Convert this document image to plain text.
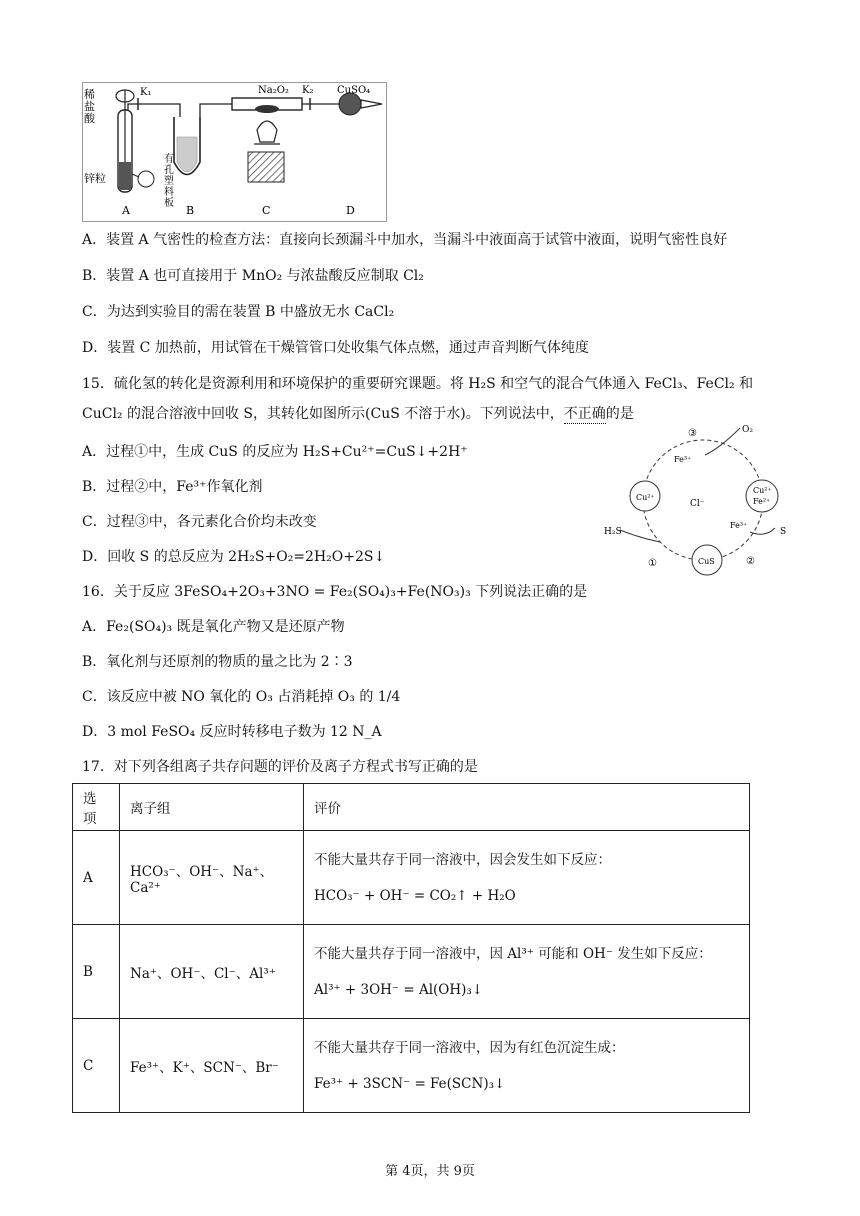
稀盐酸
K₁	Na₂O₂ K₂ CuSO₄
锌粒
有孔塑料板
A	B	C	D
A．装置 A 气密性的检查方法：直接向长颈漏斗中加水，当漏斗中液面高于试管中液面，说明气密性良好
B．装置 A 也可直接用于 MnO₂ 与浓盐酸反应制取 Cl₂
C．为达到实验目的需在装置 B 中盛放无水 CaCl₂
D．装置 C 加热前，用试管在干燥管管口处收集气体点燃，通过声音判断气体纯度
15．硫化氢的转化是资源利用和环境保护的重要研究课题。将 H₂S 和空气的混合气体通入 FeCl₃、FeCl₂ 和
CuCl₂ 的混合溶液中回收 S，其转化如图所示(CuS 不溶于水)。下列说法中，不正确的是
A．过程①中，生成 CuS 的反应为 H₂S+Cu²⁺=CuS↓+2H⁺
B．过程②中，Fe³⁺作氧化剂
C．过程③中，各元素化合价均未改变
D．回收 S 的总反应为 2H₂S+O₂=2H₂O+2S↓
O₂
③
Fe³⁺
Cu²⁺
Cl⁻
Cu²⁺
Fe²⁺
Fe³⁺
H₂S	S
①	CuS	②
16．关于反应 3FeSO₄+2O₃+3NO = Fe₂(SO₄)₃+Fe(NO₃)₃ 下列说法正确的是
A．Fe₂(SO₄)₃ 既是氧化产物又是还原产物
B．氧化剂与还原剂的物质的量之比为 2∶3
C．该反应中被 NO 氧化的 O₃ 占消耗掉 O₃ 的 1/4
D．3 mol FeSO₄ 反应时转移电子数为 12 N_A
17．对下列各组离子共存问题的评价及离子方程式书写正确的是
选项	离子组	评价
A	HCO₃⁻、OH⁻、Na⁺、Ca²⁺	不能大量共存于同一溶液中，因会发生如下反应：
HCO₃⁻ + OH⁻ = CO₂↑ + H₂O

B	Na⁺、OH⁻、Cl⁻、Al³⁺	不能大量共存于同一溶液中，因 Al³⁺ 可能和 OH⁻ 发生如下反应：
Al³⁺ + 3OH⁻ = Al(OH)₃↓

C	Fe³⁺、K⁺、SCN⁻、Br⁻	不能大量共存于同一溶液中，因为有红色沉淀生成：
Fe³⁺ + 3SCN⁻ = Fe(SCN)₃↓
第 4页，共 9页
